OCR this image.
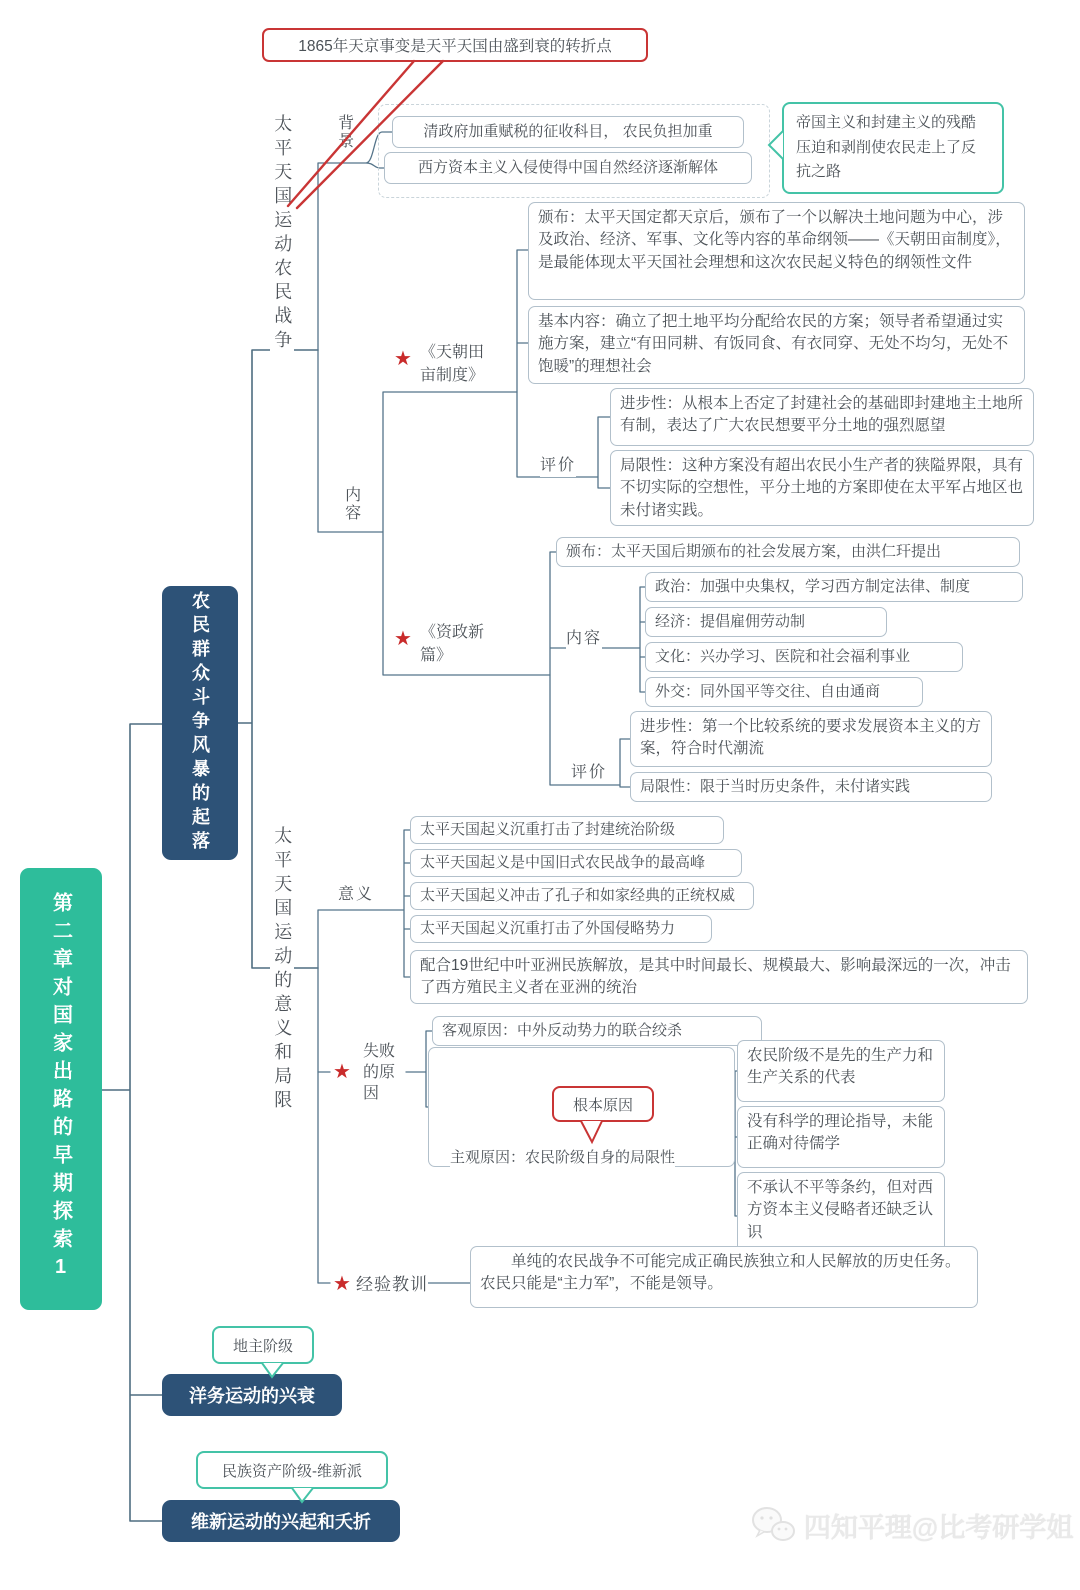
第二章对国家出路的早期探索1
农民群众斗争风暴的起落
1865年天京事变是天平天国由盛到衰的转折点
太平天国运动农民战争	背景	清政府加重赋税的征收科目， 农民负担加重
西方资本主义入侵使得中国自然经济逐渐解体
帝国主义和封建主义的残酷压迫和剥削使农民走上了反抗之路
内容
★ 《天朝田亩制度》
颁布：太平天国定都天京后，颁布了一个以解决土地问题为中心，涉及政治、经济、军事、文化等内容的革命纲领——《天朝田亩制度》，是最能体现太平天国社会理想和这次农民起义特色的纲领性文件
基本内容：确立了把土地平均分配给农民的方案；领导者希望通过实施方案，建立“有田同耕、有饭同食、有衣同穿、无处不均匀，无处不饱暖”的理想社会
评价
进步性：从根本上否定了封建社会的基础即封建地主土地所有制，表达了广大农民想要平分土地的强烈愿望
局限性：这种方案没有超出农民小生产者的狭隘界限，具有不切实际的空想性，平分土地的方案即使在太平军占地区也未付诸实践。
★ 《资政新篇》
颁布：太平天国后期颁布的社会发展方案，由洪仁玕提出
内容
政治：加强中央集权，学习西方制定法律、制度
经济：提倡雇佣劳动制
文化：兴办学习、医院和社会福利事业
外交：同外国平等交往、自由通商
评价
进步性：第一个比较系统的要求发展资本主义的方案，符合时代潮流
局限性：限于当时历史条件，未付诸实践
太平天国运动的意义和局限	意义
太平天国起义沉重打击了封建统治阶级
太平天国起义是中国旧式农民战争的最高峰
太平天国起义冲击了孔子和如家经典的正统权威
太平天国起义沉重打击了外国侵略势力
配合19世纪中叶亚洲民族解放，是其中时间最长、规模最大、影响最深远的一次，冲击了西方殖民主义者在亚洲的统治
★
失败的原因
客观原因：中外反动势力的联合绞杀
根本原因
主观原因：农民阶级自身的局限性
农民阶级不是先的生产力和生产关系的代表
没有科学的理论指导，未能正确对待儒学
不承认不平等条约，但对西方资本主义侵略者还缺乏认识
★ 经验教训
单纯的农民战争不可能完成正确民族独立和人民解放的历史任务。农民只能是“主力军”，不能是领导。
地主阶级
洋务运动的兴衰
民族资产阶级-维新派
维新运动的兴起和夭折	四知平理@比考研学姐
